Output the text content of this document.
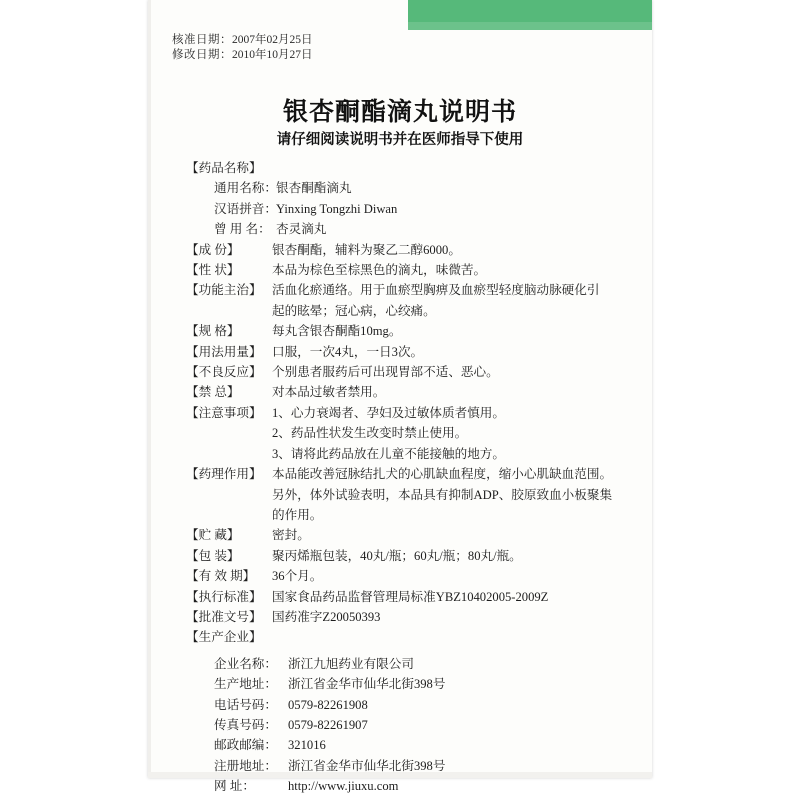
核准日期：2007年02月25日
修改日期：2010年10月27日
银杏酮酯滴丸说明书
请仔细阅读说明书并在医师指导下使用
【药品名称】
通用名称： 银杏酮酯滴丸
汉语拼音： Yinxing Tongzhi Diwan
曾 用 名： 杏灵滴丸
【成 份】	银杏酮酯，辅料为聚乙二醇6000。
【性 状】	本品为棕色至棕黑色的滴丸，味微苦。
【功能主治】 活血化瘀通络。用于血瘀型胸痹及血瘀型轻度脑动脉硬化引
起的眩晕；冠心病，心绞痛。
【规 格】	每丸含银杏酮酯10mg。
【用法用量】 口服，一次4丸，一日3次。
【不良反应】 个别患者服药后可出现胃部不适、恶心。
【禁 总】	对本品过敏者禁用。
【注意事项】 1、心力衰竭者、孕妇及过敏体质者慎用。
2、药品性状发生改变时禁止使用。
3、请将此药品放在儿童不能接触的地方。
【药理作用】 本品能改善冠脉结扎犬的心肌缺血程度，缩小心肌缺血范围。
另外，体外试验表明，本品具有抑制ADP、胶原致血小板聚集
的作用。
【贮 藏】	密封。
【包 装】	聚丙烯瓶包装，40丸/瓶；60丸/瓶；80丸/瓶。
【有 效 期】	36个月。
【执行标准】 国家食品药品监督管理局标准YBZ10402005-2009Z
【批准文号】 国药准字Z20050393
【生产企业】
企业名称： 浙江九旭药业有限公司
生产地址： 浙江省金华市仙华北街398号
电话号码： 0579-82261908
传真号码： 0579-82261907
邮政邮编： 321016
注册地址： 浙江省金华市仙华北街398号
网 址：	http://www.jiuxu.com
